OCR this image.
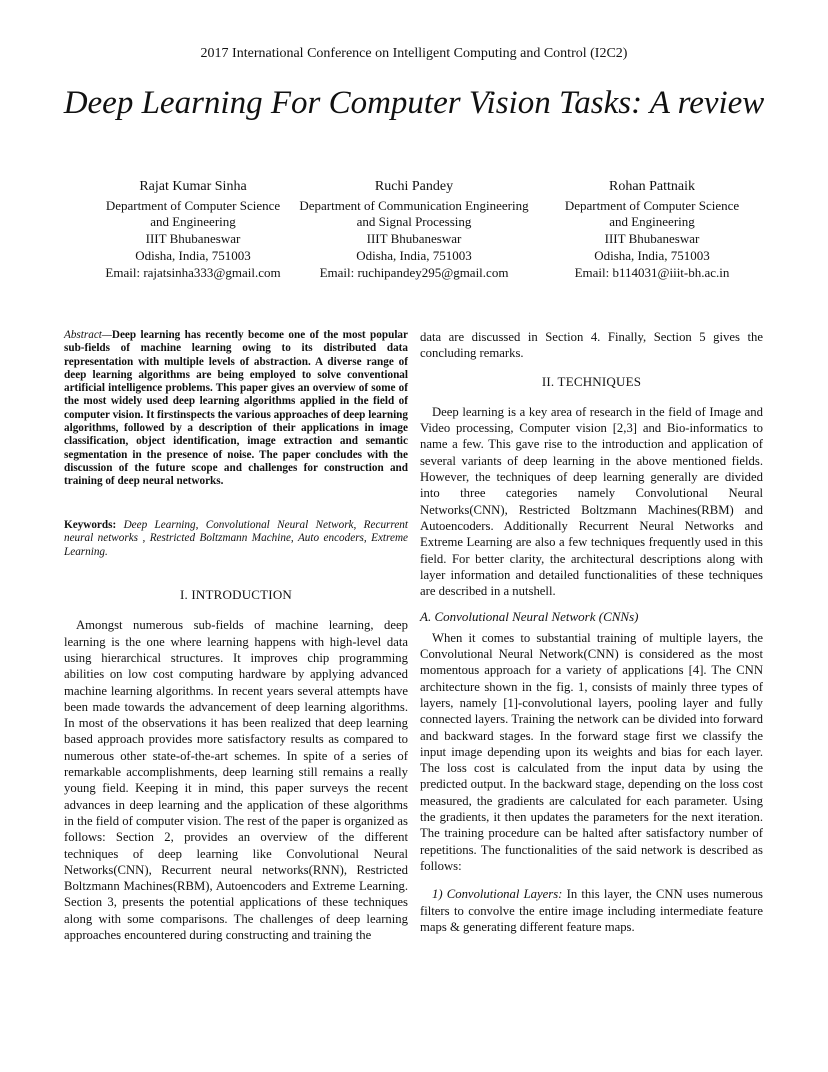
2017 International Conference on Intelligent Computing and Control (I2C2)
Deep Learning For Computer Vision Tasks: A review
Rajat Kumar Sinha
Department of Computer Science
and Engineering
IIIT Bhubaneswar
Odisha, India, 751003
Email: rajatsinha333@gmail.com
Ruchi Pandey
Department of Communication Engineering
and Signal Processing
IIIT Bhubaneswar
Odisha, India, 751003
Email: ruchipandey295@gmail.com
Rohan Pattnaik
Department of Computer Science
and Engineering
IIIT Bhubaneswar
Odisha, India, 751003
Email: b114031@iiit-bh.ac.in
Abstract—Deep learning has recently become one of the most popular sub-fields of machine learning owing to its distributed data representation with multiple levels of abstraction. A diverse range of deep learning algorithms are being employed to solve conventional artificial intelligence problems. This paper gives an overview of some of the most widely used deep learning algorithms applied in the field of computer vision. It firstinspects the various approaches of deep learning algorithms, followed by a description of their applications in image classification, object identification, image extraction and semantic segmentation in the presence of noise. The paper concludes with the discussion of the future scope and challenges for construction and training of deep neural networks.
Keywords: Deep Learning, Convolutional Neural Network, Recurrent neural networks , Restricted Boltzmann Machine, Auto encoders, Extreme Learning.
I. INTRODUCTION

Amongst numerous sub-fields of machine learning, deep learning is the one where learning happens with high-level data using hierarchical structures. It improves chip programming abilities on low cost computing hardware by applying advanced machine learning algorithms. In recent years several attempts have been made towards the advancement of deep learning algorithms. In most of the observations it has been realized that deep learning based approach provides more satisfactory results as compared to numerous other state-of-the-art schemes. In spite of a series of remarkable accomplishments, deep learning still remains a really young field. Keeping it in mind, this paper surveys the recent advances in deep learning and the application of these algorithms in the field of computer vision. The rest of the paper is organized as follows: Section 2, provides an overview of the different techniques of deep learning like Convolutional Neural Networks(CNN), Recurrent neural networks(RNN), Restricted Boltzmann Machines(RBM), Autoencoders and Extreme Learning. Section 3, presents the potential applications of these techniques along with some comparisons. The challenges of deep learning approaches encountered during constructing and training the

data are discussed in Section 4. Finally, Section 5 gives the concluding remarks.

II. TECHNIQUES

Deep learning is a key area of research in the field of Image and Video processing, Computer vision [2,3] and Bio-informatics to name a few. This gave rise to the introduction and application of several variants of deep learning in the above mentioned fields. However, the techniques of deep learning generally are divided into three categories namely Convolutional Neural Networks(CNN), Restricted Boltzmann Machines(RBM) and Autoencoders. Additionally Recurrent Neural Networks and Extreme Learning are also a few techniques frequently used in this field. For better clarity, the architectural descriptions along with layer information and detailed functionalities of these techniques are described in a nutshell.

A. Convolutional Neural Network (CNNs)

When it comes to substantial training of multiple layers, the Convolutional Neural Network(CNN) is considered as the most momentous approach for a variety of applications [4]. The CNN architecture shown in the fig. 1, consists of mainly three types of layers, namely [1]-convolutional layers, pooling layer and fully connected layers. Training the network can be divided into forward and backward stages. In the forward stage first we classify the input image depending upon its weights and bias for each layer. The loss cost is calculated from the input data by using the predicted output. In the backward stage, depending on the loss cost measured, the gradients are calculated for each parameter. Using the gradients, it then updates the parameters for the next iteration. The training procedure can be halted after satisfactory number of repetitions. The functionalities of the said network is described as follows:

1) Convolutional Layers: In this layer, the CNN uses numerous filters to convolve the entire image including intermediate feature maps & generating different feature maps.
